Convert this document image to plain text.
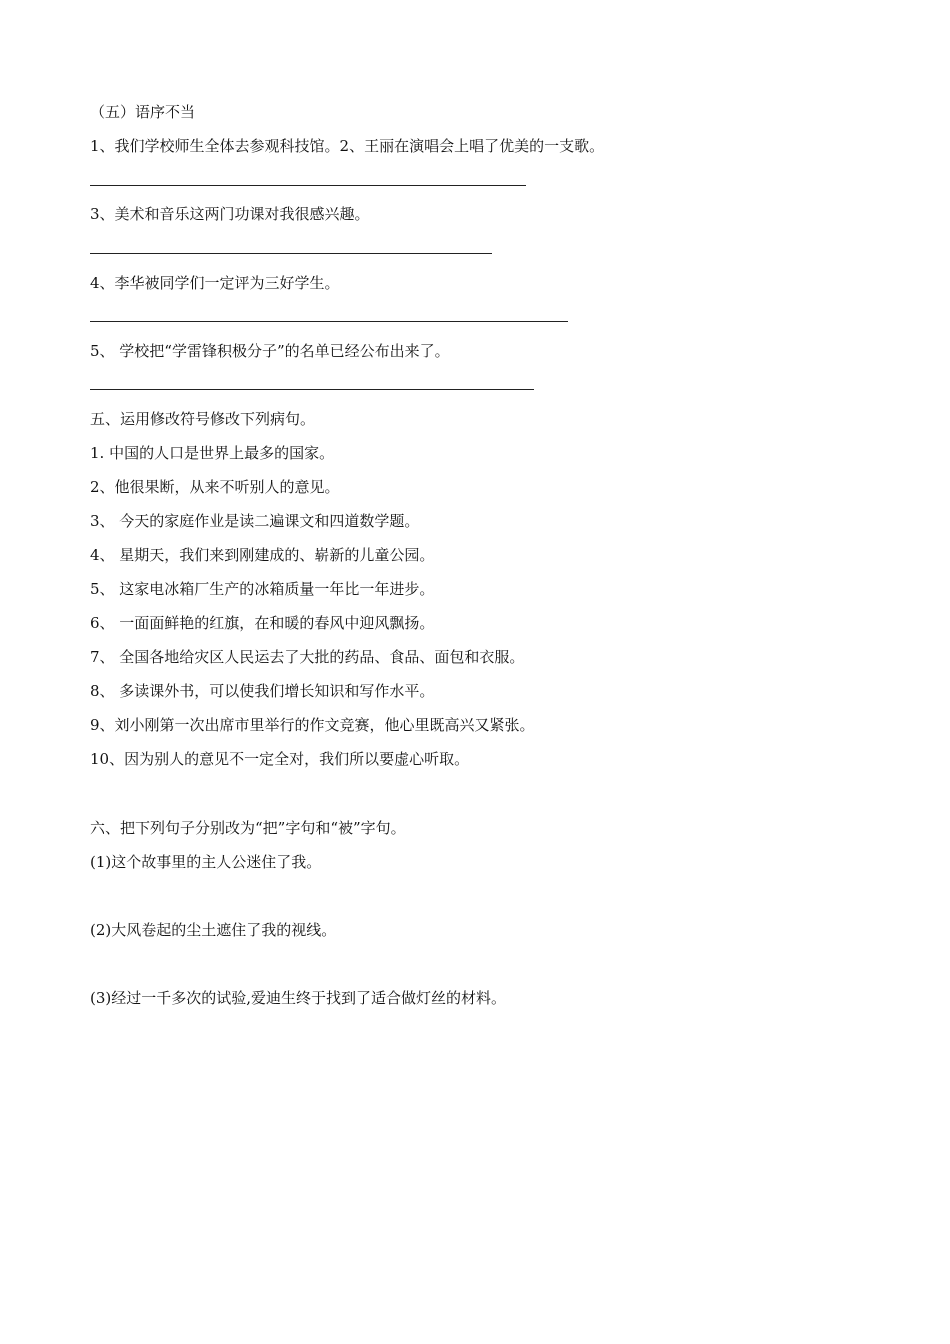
（五）语序不当
1、我们学校师生全体去参观科技馆。2、王丽在演唱会上唱了优美的一支歌。
3、美术和音乐这两门功课对我很感兴趣。
4、李华被同学们一定评为三好学生。
5、 学校把“学雷锋积极分子”的名单已经公布出来了。
五、运用修改符号修改下列病句。
1. 中国的人口是世界上最多的国家。
2、他很果断，从来不听别人的意见。
3、 今天的家庭作业是读二遍课文和四道数学题。
4、 星期天，我们来到刚建成的、崭新的儿童公园。
5、 这家电冰箱厂生产的冰箱质量一年比一年进步。
6、 一面面鲜艳的红旗，在和暖的春风中迎风飘扬。
7、 全国各地给灾区人民运去了大批的药品、食品、面包和衣服。
8、 多读课外书，可以使我们增长知识和写作水平。
9、刘小刚第一次出席市里举行的作文竞赛，他心里既高兴又紧张。
10、因为别人的意见不一定全对，我们所以要虚心听取。
六、把下列句子分别改为“把”字句和“被”字句。
(1)这个故事里的主人公迷住了我。
(2)大风卷起的尘土遮住了我的视线。
(3)经过一千多次的试验,爱迪生终于找到了适合做灯丝的材料。
